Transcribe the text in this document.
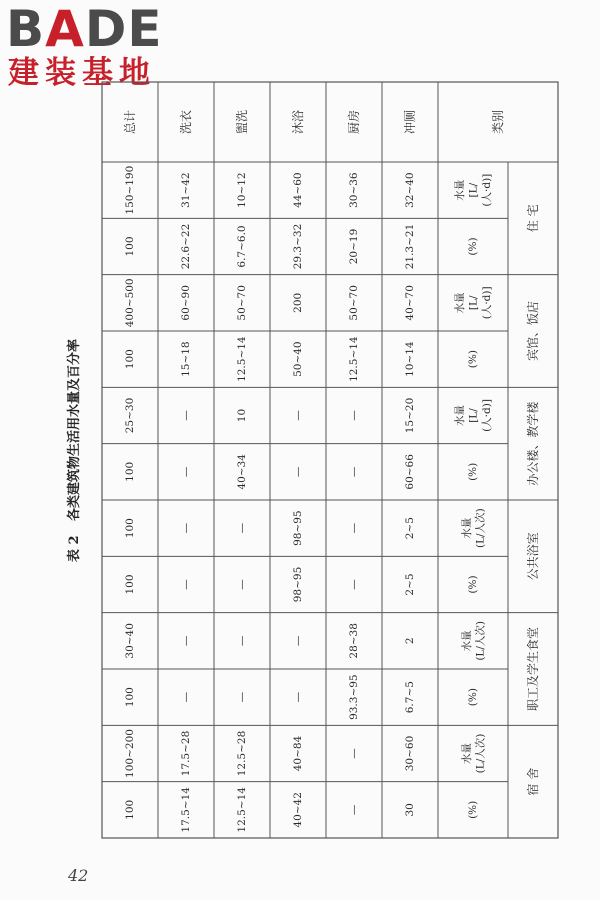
BADE
建装基地
表 2 各类建筑物生活用水量及百分率
类别
住 宅
水量 [L/ (人·d)]
(%)
宾馆、饭店
水量 [L/ (人·d)]
(%)
办公楼、教学楼
水量 [L/ (人·d)]
(%)
公共浴室
水量 (L/人次)
(%)
职工及学生食堂
水量 (L/人次)
(%)
宿 舍
水量 (L/人次)
(%)
冲厕
32~40
21.3~21
40~70
10~14
15~20
60~66
2~5
2~5
2
6.7~5
30~60
30
厨房
30~36
20~19
50~70
12.5~14
—
—
—
—
28~38
93.3~95
—
—
沐浴
44~60
29.3~32
200
50~40
—
—
98~95
98~95
—
—
40~84
40~42
盥洗
10~12
6.7~6.0
50~70
12.5~14
10
40~34
—
—
—
—
12.5~28
12.5~14
洗衣
31~42
22.6~22
60~90
15~18
—
—
—
—
—
—
17.5~28
17.5~14
总计
150~190
100
400~500
100
25~30
100
100
100
30~40
100
100~200
100
42
